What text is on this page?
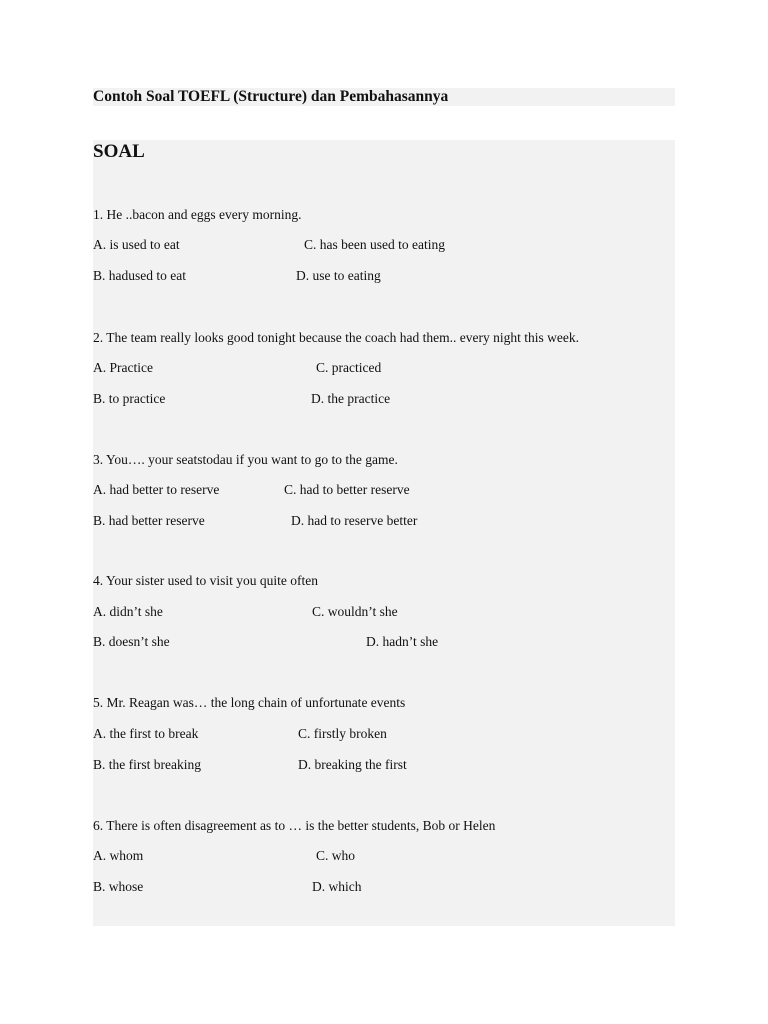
Contoh Soal TOEFL (Structure) dan Pembahasannya
SOAL
1. He ..bacon and eggs every morning.
A. is used to eat	C. has been used to eating
B. hadused to eat	D. use to eating
2. The team really looks good tonight because the coach had them.. every night this week.
A. Practice	C. practiced
B. to practice	D. the practice
3. You…. your seatstodau if you want to go to the game.
A. had better to reserve	C. had to better reserve
B. had better reserve	D. had to reserve better
4. Your sister used to visit you quite often
A. didn’t she	C. wouldn’t she
B. doesn’t she	D. hadn’t she
5. Mr. Reagan was… the long chain of unfortunate events
A. the first to break	C. firstly broken
B. the first breaking	D. breaking the first
6. There is often disagreement as to … is the better students, Bob or Helen
A. whom	C. who
B. whose	D. which
